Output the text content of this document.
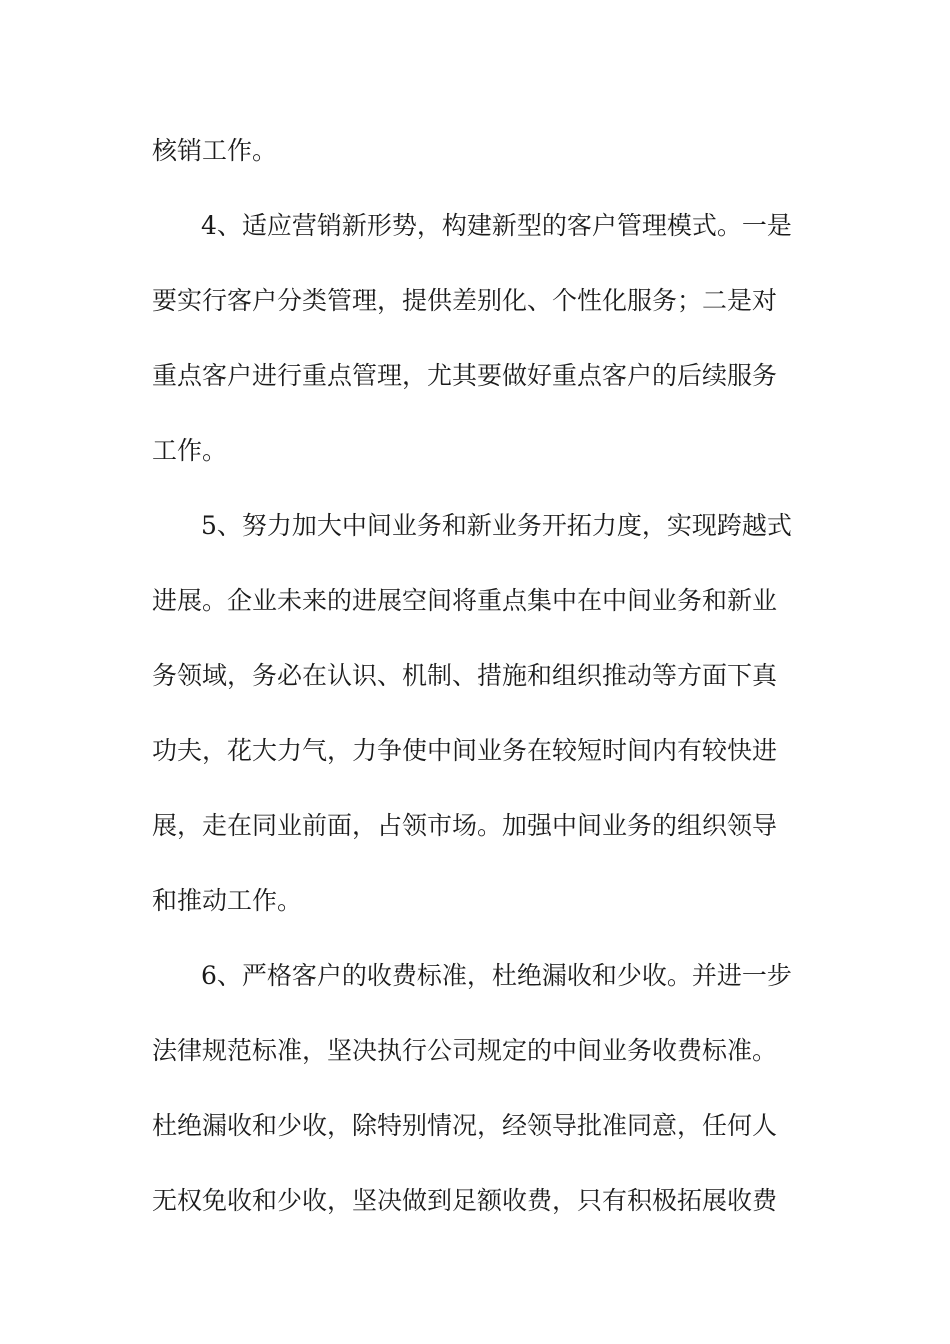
核销工作。
4、适应营销新形势，构建新型的客户管理模式。一是
要实行客户分类管理，提供差别化、个性化服务；二是对
重点客户进行重点管理，尤其要做好重点客户的后续服务
工作。
5、努力加大中间业务和新业务开拓力度，实现跨越式
进展。企业未来的进展空间将重点集中在中间业务和新业
务领域，务必在认识、机制、措施和组织推动等方面下真
功夫，花大力气，力争使中间业务在较短时间内有较快进
展，走在同业前面，占领市场。加强中间业务的组织领导
和推动工作。
6、严格客户的收费标准，杜绝漏收和少收。并进一步
法律规范标准，坚决执行公司规定的中间业务收费标准。
杜绝漏收和少收，除特别情况，经领导批准同意，任何人
无权免收和少收，坚决做到足额收费，只有积极拓展收费
